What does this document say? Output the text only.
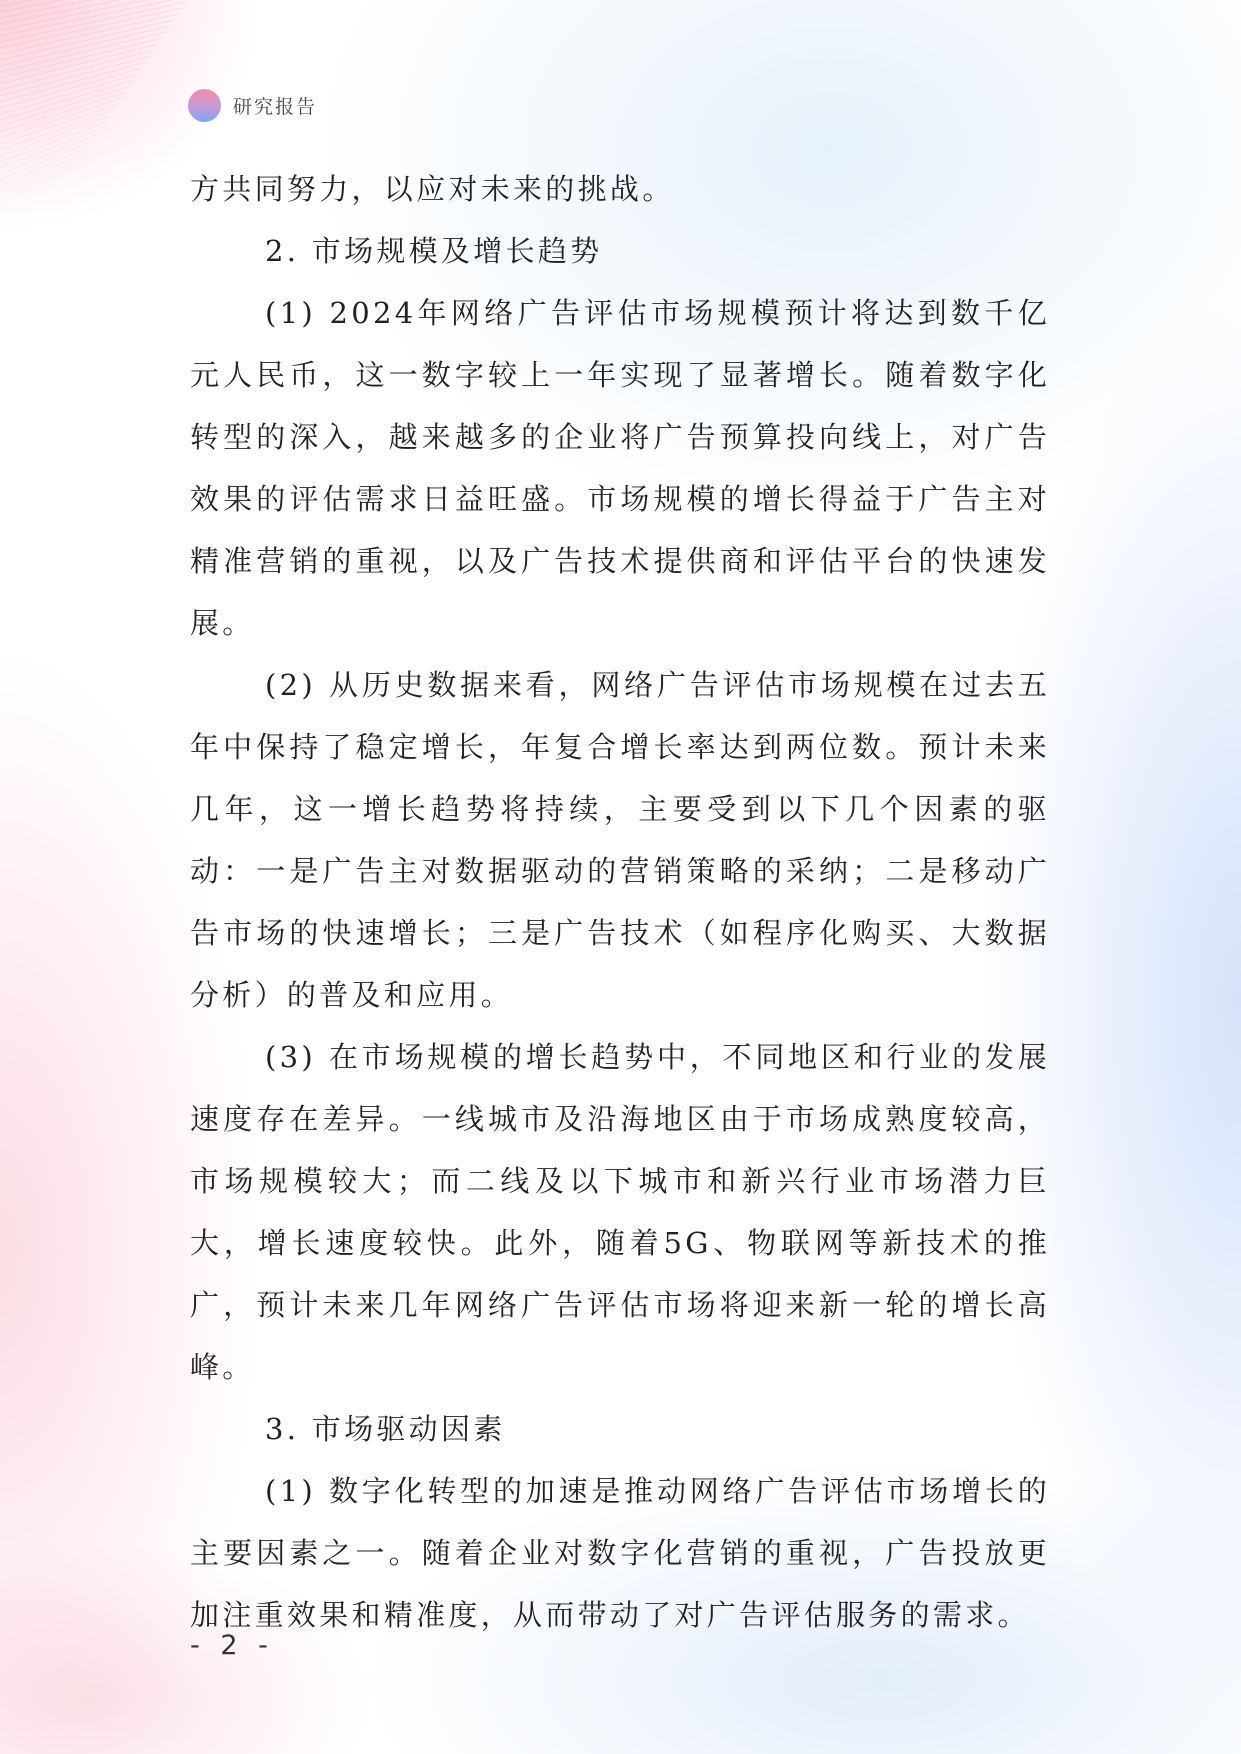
研究报告

方共同努力，以应对未来的挑战。

2. 市场规模及增长趋势

(1) 2024年网络广告评估市场规模预计将达到数千亿元人民币，这一数字较上一年实现了显著增长。随着数字化转型的深入，越来越多的企业将广告预算投向线上，对广告效果的评估需求日益旺盛。市场规模的增长得益于广告主对精准营销的重视，以及广告技术提供商和评估平台的快速发展。

(2) 从历史数据来看，网络广告评估市场规模在过去五年中保持了稳定增长，年复合增长率达到两位数。预计未来几年，这一增长趋势将持续，主要受到以下几个因素的驱动：一是广告主对数据驱动的营销策略的采纳；二是移动广告市场的快速增长；三是广告技术（如程序化购买、大数据分析）的普及和应用。

(3) 在市场规模的增长趋势中，不同地区和行业的发展速度存在差异。一线城市及沿海地区由于市场成熟度较高，市场规模较大；而二线及以下城市和新兴行业市场潜力巨大，增长速度较快。此外，随着5G、物联网等新技术的推广，预计未来几年网络广告评估市场将迎来新一轮的增长高峰。

3. 市场驱动因素

(1) 数字化转型的加速是推动网络广告评估市场增长的主要因素之一。随着企业对数字化营销的重视，广告投放更加注重效果和精准度，从而带动了对广告评估服务的需求。

- 2 -
